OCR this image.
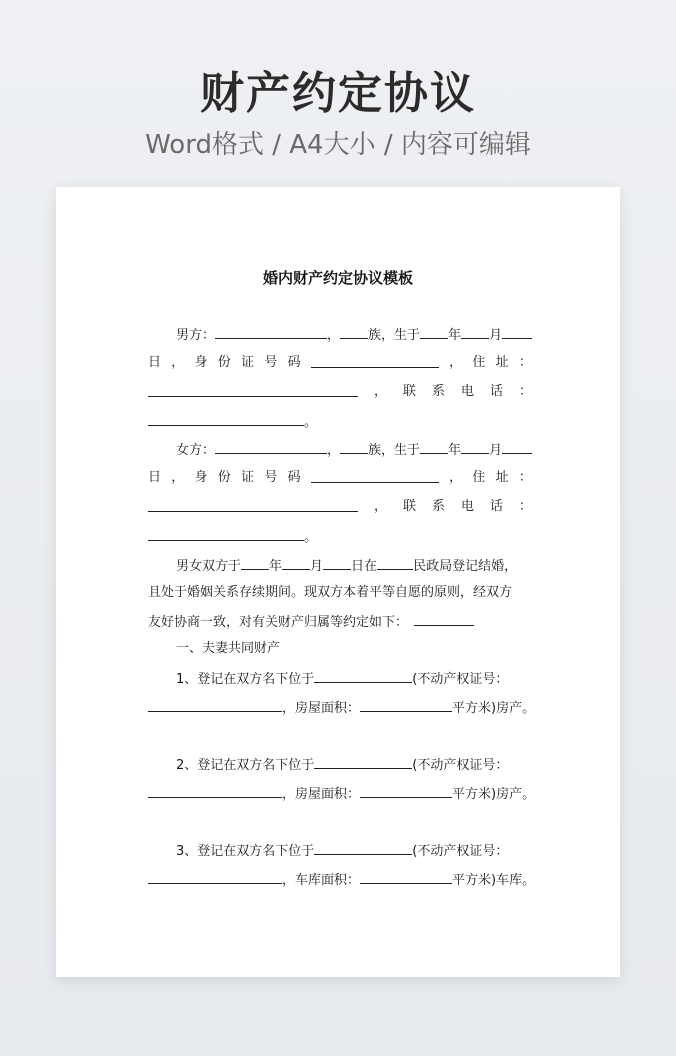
财产约定协议
Word格式 / A4大小 / 内容可编辑
婚内财产约定协议模板
男方：	， 族，生于 年 月
日 ， 身 份 证 号 码	， 住 址 ：
， 联 系 电 话 ：
。
女方：	， 族，生于 年 月
日 ， 身 份 证 号 码	， 住 址 ：
， 联 系 电 话 ：
。
男女双方于 年 月 日在	民政局登记结婚，
且处于婚姻关系存续期间。现双方本着平等自愿的原则，经双方
友好协商一致，对有关财产归属等约定如下：
一、夫妻共同财产
1、登记在双方名下位于	(不动产权证号：
，房屋面积：	平方米)房产。
2、登记在双方名下位于	(不动产权证号：
，房屋面积：	平方米)房产。
3、登记在双方名下位于	(不动产权证号：
，车库面积：	平方米)车库。
